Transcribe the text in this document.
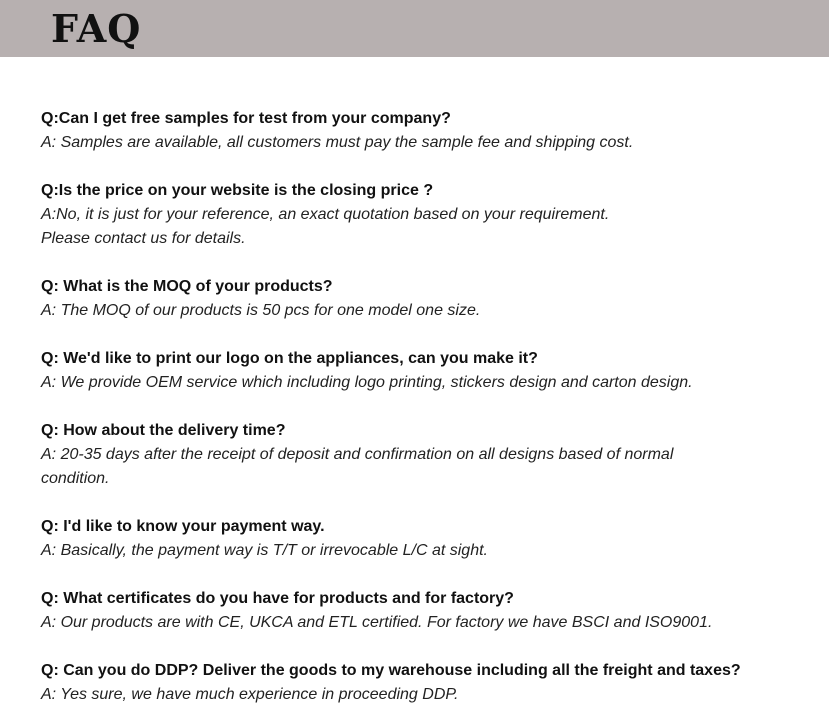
FAQ
Q:Can I get free samples for test from your company?
A: Samples are available, all customers must pay the sample fee and shipping cost.
Q:Is the price on your website is the closing price ?
A:No, it is just for your reference, an exact quotation based on your requirement.
Please contact us for details.
Q: What is the MOQ of your products?
A: The MOQ of our products is 50 pcs for one model one size.
Q: We'd like to print our logo on the appliances, can you make it?
A: We provide OEM service which including logo printing, stickers design and carton design.
Q: How about the delivery time?
A: 20-35 days after the receipt of deposit and confirmation on all designs based of normal
condition.
Q: I'd like to know your payment way.
A: Basically, the payment way is T/T or irrevocable L/C at sight.
Q: What certificates do you have for products and for factory?
A: Our products are with CE, UKCA and ETL certified. For factory we have BSCI and ISO9001.
Q: Can you do DDP? Deliver the goods to my warehouse including all the freight and taxes?
A: Yes sure, we have much experience in proceeding DDP.
